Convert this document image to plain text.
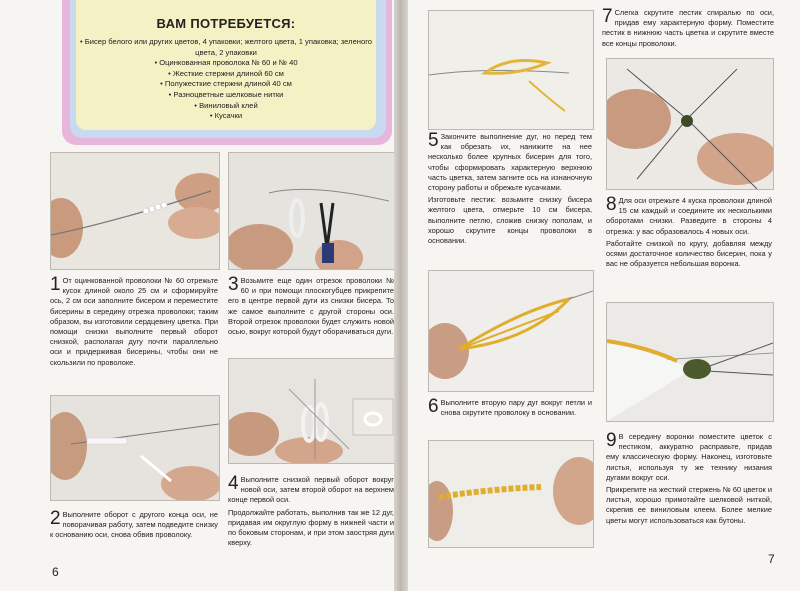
ВАМ ПОТРЕБУЕТСЯ:
• Бисер белого или других цветов, 4 упаковки; желтого цвета, 1 упаковка; зеленого цвета, 2 упаковки
• Оцинкованная проволока № 60 и № 40
• Жесткие стержни длиной 60 см
• Полужесткие стержни длиной 40 см
• Разноцветные шелковые нитки
• Виниловый клей
• Кусачки
1 От оцинкованной проволоки № 60 отрежьте кусок длиной около 25 см и сформируйте ось, 2 см оси заполните бисером и переместите бисерины в середину отрезка проволоки; таким образом, вы изготовили сердцевину цветка. При помощи снизки выполните первый оборот снизкой, располагая дугу почти параллельно оси и придерживая бисерины, чтобы они не скользили по проволоке.

3 Возьмите еще один отрезок проволоки № 60 и при помощи плоскогубцев прикрепите его в центре первой дуги из снизки бисера. То же самое выполните с другой стороны оси. Второй отрезок проволоки будет служить новой осью, вокруг которой будут оборачиваться дуги.

2 Выполните оборот с другого конца оси, не поворачивая работу, затем подведите снизку к основанию оси, снова обвив проволоку.

4 Выполните снизкой первый оборот вокруг новой оси, затем второй оборот на верхнем конце первой оси.

Продолжайте работать, выполнив так же 12 дуг, придавая им округлую форму в нижней части и по боковым сторонам, и при этом заостряя дуги кверху.

6
5 Закончите выполнение дуг, но перед тем как обрезать их, нанижите на нее несколько более крупных бисерин для того, чтобы сформировать характерную верхнюю часть цветка, затем загните ось на изнаночную сторону работы и обрежьте кусачками.

Изготовьте пестик: возьмите снизку бисера желтого цвета, отмерьте 10 см бисера, выполните петлю, сложив снизку пополам, и хорошо скрутите концы проволоки в основании.

6 Выполните вторую пару дуг вокруг петли и снова скрутите проволоку в основании.

7 Слегка скрутите пестик спиралью по оси, придав ему характерную форму. Поместите пестик в нижнюю часть цветка и скрутите вместе все концы проволоки.

8 Для оси отрежьте 4 куска проволоки длиной 15 см каждый и соедините их несколькими оборотами снизки. Разведите в стороны 4 отрезка: у вас образовалось 4 новых оси.

Работайте снизкой по кругу, добавляя между осями достаточное количество бисерин, пока у вас не образуется небольшая воронка.

9 В середину воронки поместите цветок с пестиком, аккуратно расправьте, придав ему классическую форму. Наконец, изготовьте листья, используя ту же технику низания дугами вокруг оси.

Прикрепите на жесткий стержень № 60 цветок и листья, хорошо примотайте шелковой ниткой, скрепив ее виниловым клеем. Более мелкие цветы могут использоваться как бутоны.

7
